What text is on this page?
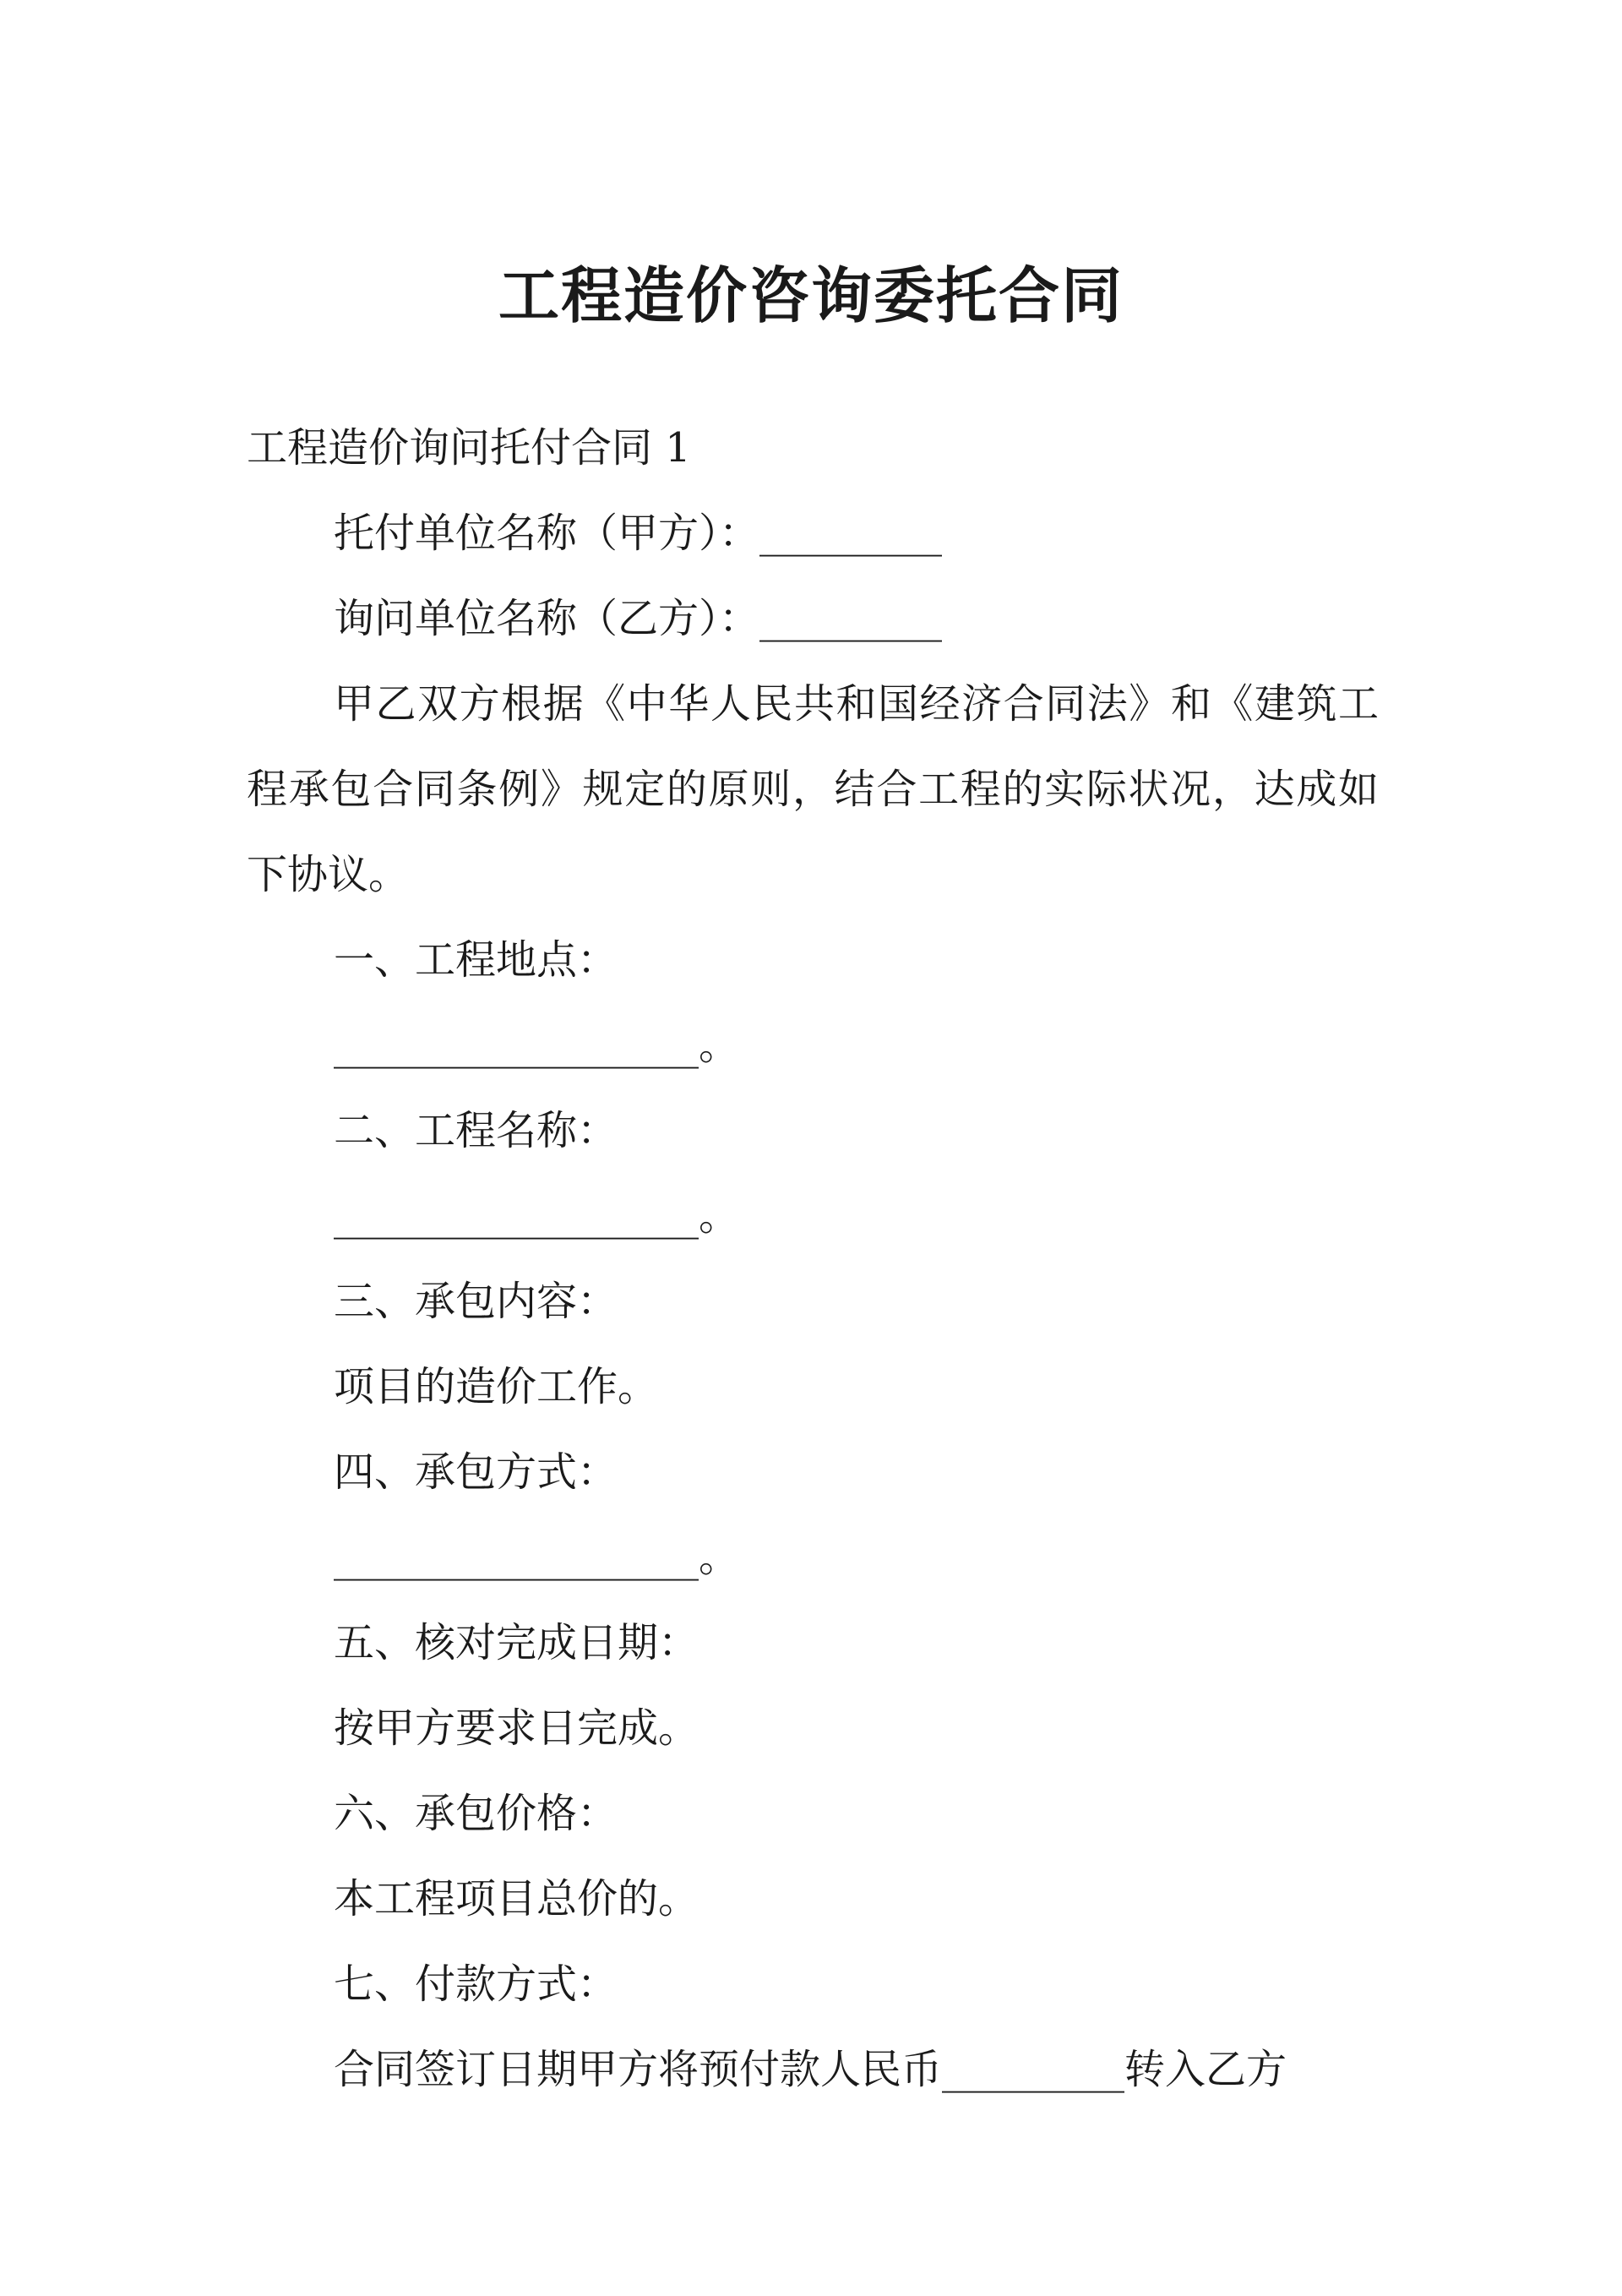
工程造价咨询委托合同
工程造价询问托付合同 1
托付单位名称（甲方）：_________
询问单位名称（乙方）：_________
甲乙双方根据《中华人民共和国经济合同法》和《建筑工程承包合同条例》规定的原则，结合工程的实际状况，达成如下协议。
一、工程地点：
__________________。
二、工程名称：
__________________。
三、承包内容：
项目的造价工作。
四、承包方式：
__________________。
五、核对完成日期：
按甲方要求日完成。
六、承包价格：
本工程项目总价的。
七、付款方式：
合同签订日期甲方将预付款人民币_________转入乙方
